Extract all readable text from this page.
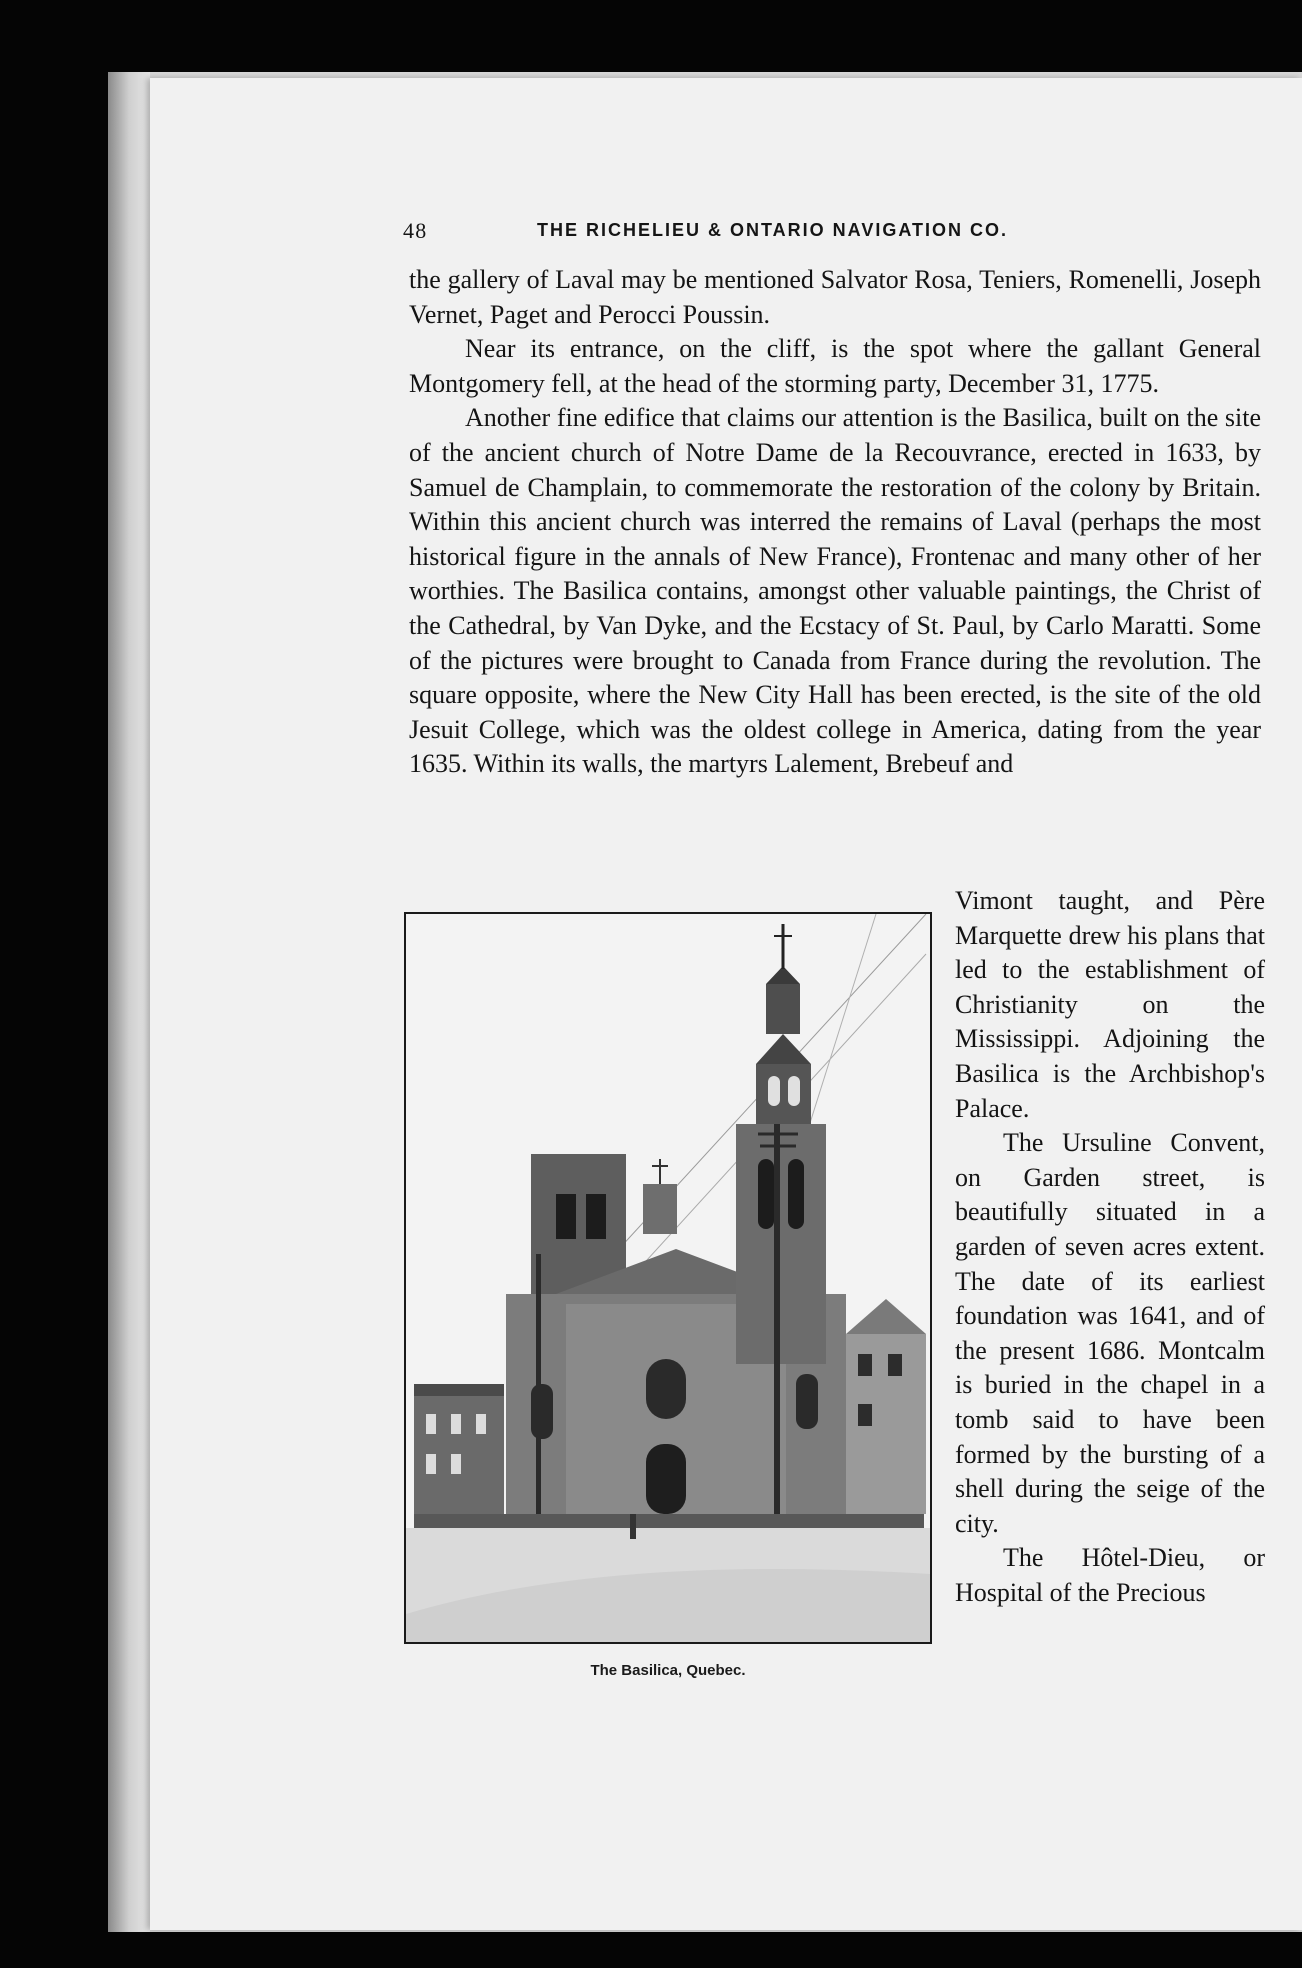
48	THE RICHELIEU & ONTARIO NAVIGATION CO.

the gallery of Laval may be mentioned Salvator Rosa, Teniers, Romenelli, Joseph Vernet, Paget and Perocci Poussin.

Near its entrance, on the cliff, is the spot where the gallant General Montgomery fell, at the head of the storming party, December 31, 1775.

Another fine edifice that claims our attention is the Basilica, built on the site of the ancient church of Notre Dame de la Recouvrance, erected in 1633, by Samuel de Champlain, to commemorate the restoration of the colony by Britain. Within this ancient church was interred the remains of Laval (perhaps the most historical figure in the annals of New France), Frontenac and many other of her worthies. The Basilica contains, amongst other valuable paintings, the Christ of the Cathedral, by Van Dyke, and the Ecstacy of St. Paul, by Carlo Maratti. Some of the pictures were brought to Canada from France during the revolution. The square opposite, where the New City Hall has been erected, is the site of the old Jesuit College, which was the oldest college in America, dating from the year 1635. Within its walls, the martyrs Lalement, Brebeuf and

Vimont taught, and Père Marquette drew his plans that led to the establishment of Christianity on the Mississippi. Adjoining the Basilica is the Archbishop's Palace.

The Ursuline Convent, on Garden street, is beautifully situated in a garden of seven acres extent. The date of its earliest foundation was 1641, and of the present 1686. Montcalm is buried in the chapel in a tomb said to have been formed by the bursting of a shell during the seige of the city.

The Hôtel-Dieu, or Hospital of the Precious

The Basilica, Quebec.
